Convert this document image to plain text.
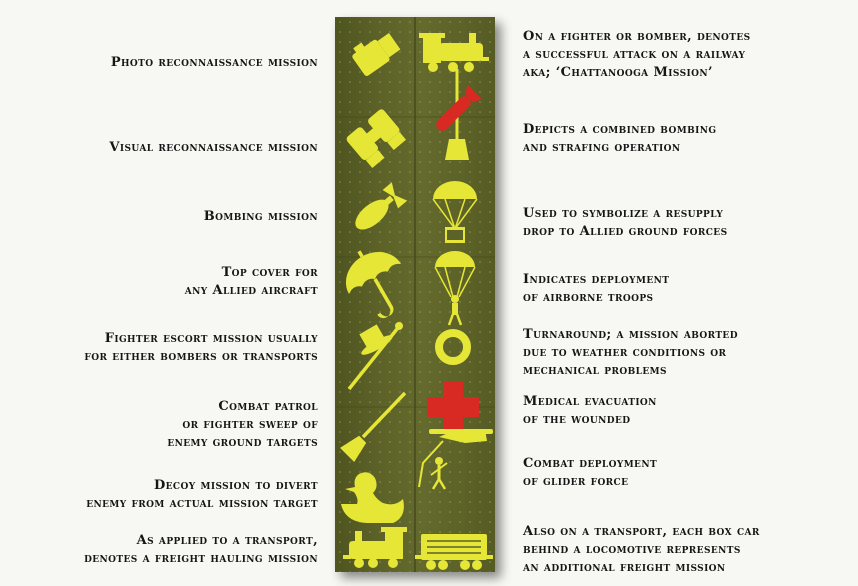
Photo reconnaissance mission
Visual reconnaissance mission
Bombing mission
Top cover for
any Allied aircraft
Fighter escort mission usually
for either bombers or transports
Combat patrol
or fighter sweep of
enemy ground targets
Decoy mission to divert
enemy from actual mission target
As applied to a transport,
denotes a freight hauling mission
On a fighter or bomber, denotes
a successful attack on a railway
aka; ‘Chattanooga Mission’
Depicts a combined bombing
and strafing operation
Used to symbolize a resupply
drop to Allied ground forces
Indicates deployment
of airborne troops
Turnaround; a mission aborted
due to weather conditions or
mechanical problems
Medical evacuation
of the wounded
Combat deployment
of glider force
Also on a transport, each box car
behind a locomotive represents
an additional freight mission
